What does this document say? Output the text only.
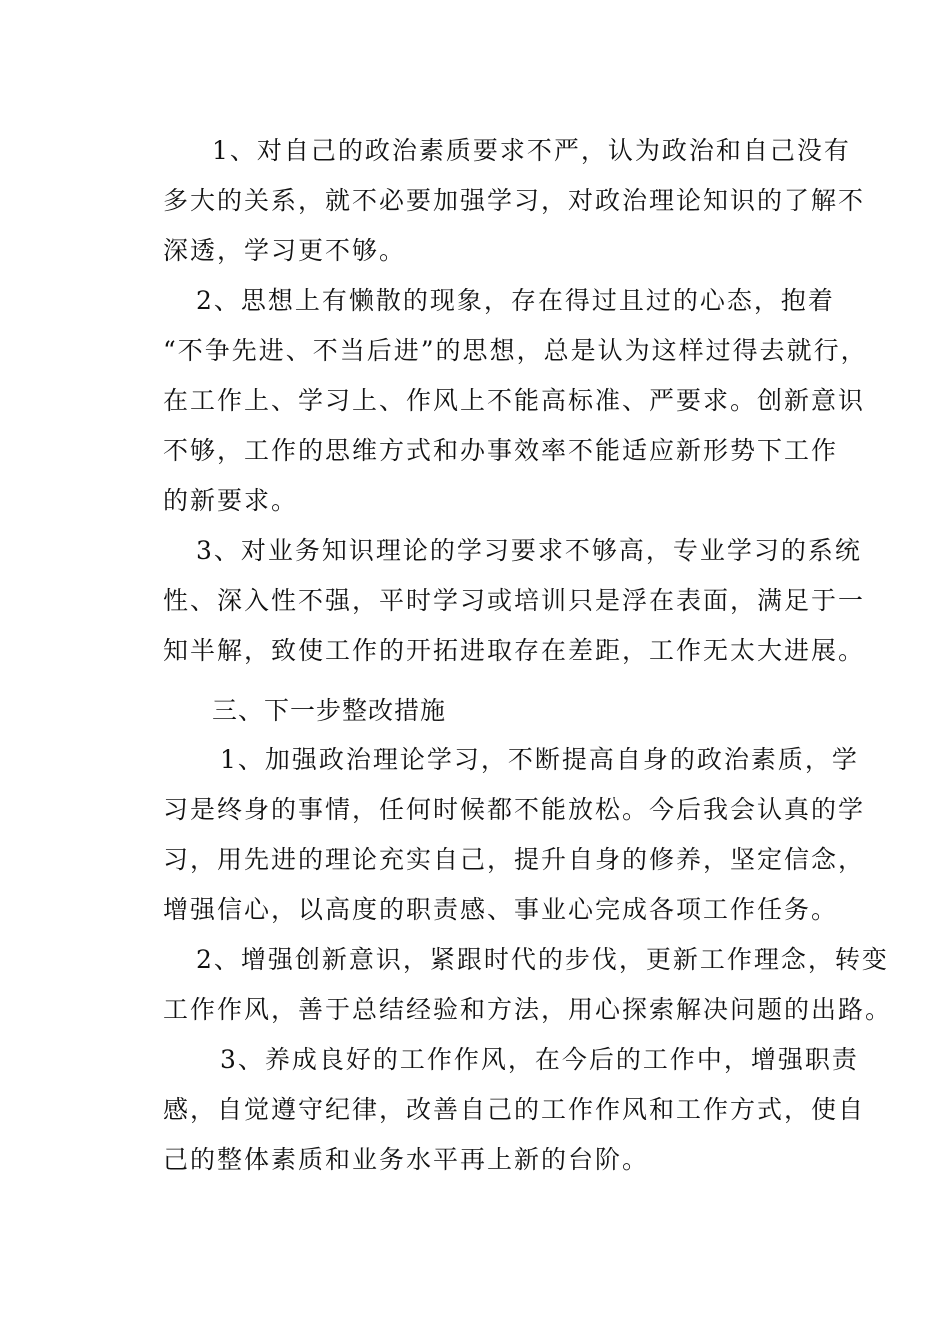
1、对自己的政治素质要求不严，认为政治和自己没有
多大的关系，就不必要加强学习，对政治理论知识的了解不
深透，学习更不够。
2、思想上有懒散的现象，存在得过且过的心态，抱着
“不争先进、不当后进”的思想，总是认为这样过得去就行，
在工作上、学习上、作风上不能高标准、严要求。创新意识
不够，工作的思维方式和办事效率不能适应新形势下工作
的新要求。
3、对业务知识理论的学习要求不够高，专业学习的系统
性、深入性不强，平时学习或培训只是浮在表面，满足于一
知半解，致使工作的开拓进取存在差距，工作无太大进展。
三、下一步整改措施
1、加强政治理论学习，不断提高自身的政治素质，学
习是终身的事情，任何时候都不能放松。今后我会认真的学
习，用先进的理论充实自己，提升自身的修养，坚定信念，
增强信心，以高度的职责感、事业心完成各项工作任务。
2、增强创新意识，紧跟时代的步伐，更新工作理念，转变
工作作风，善于总结经验和方法，用心探索解决问题的出路。
3、养成良好的工作作风，在今后的工作中，增强职责
感，自觉遵守纪律，改善自己的工作作风和工作方式，使自
己的整体素质和业务水平再上新的台阶。
